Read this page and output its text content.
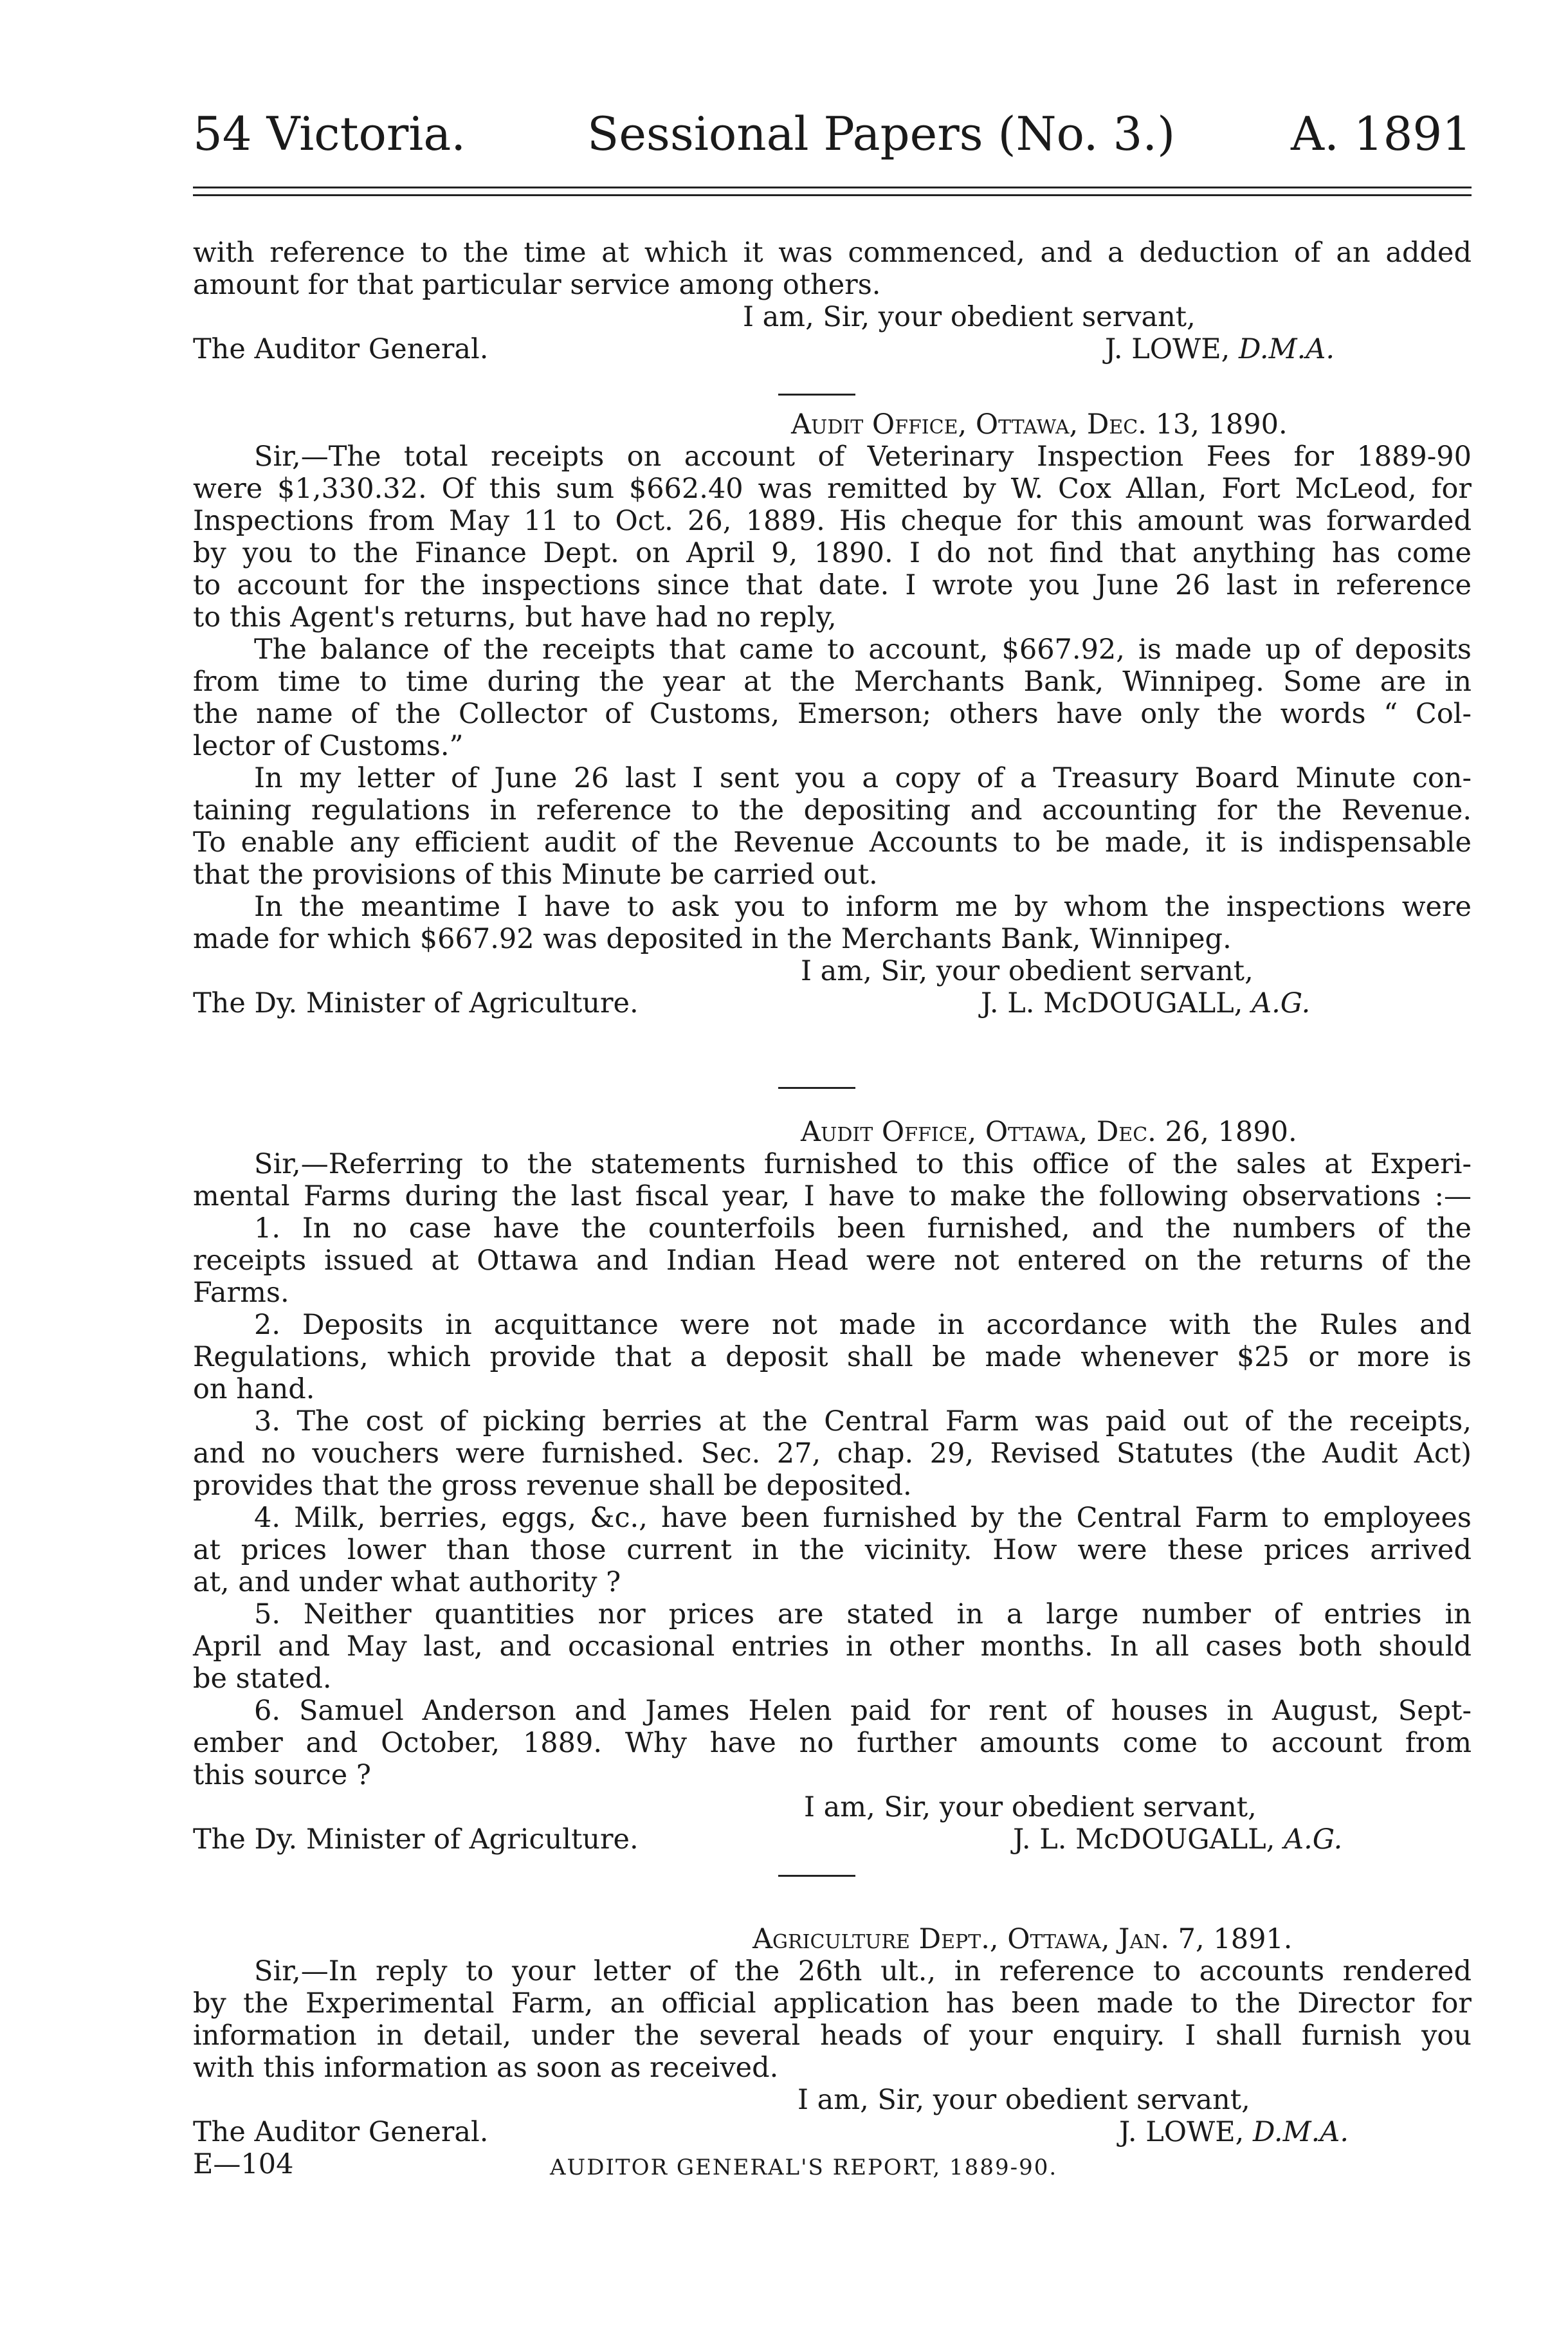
54 Victoria.	Sessional Papers (No. 3.) A. 1891
with reference to the time at which it was commenced, and a deduction of an added
amount for that particular service among others.
I am, Sir, your obedient servant,
The Auditor General.	J. LOWE, D.M.A.
Audit Office, Ottawa, Dec. 13, 1890.
Sir,—The total receipts on account of Veterinary Inspection Fees for 1889-90
were $1,330.32. Of this sum $662.40 was remitted by W. Cox Allan, Fort McLeod, for
Inspections from May 11 to Oct. 26, 1889. His cheque for this amount was forwarded
by you to the Finance Dept. on April 9, 1890. I do not find that anything has come
to account for the inspections since that date. I wrote you June 26 last in reference
to this Agent's returns, but have had no reply,
The balance of the receipts that came to account, $667.92, is made up of deposits
from time to time during the year at the Merchants Bank, Winnipeg. Some are in
the name of the Collector of Customs, Emerson; others have only the words “ Col-
lector of Customs.”
In my letter of June 26 last I sent you a copy of a Treasury Board Minute con-
taining regulations in reference to the depositing and accounting for the Revenue.
To enable any efficient audit of the Revenue Accounts to be made, it is indispensable
that the provisions of this Minute be carried out.
In the meantime I have to ask you to inform me by whom the inspections were
made for which $667.92 was deposited in the Merchants Bank, Winnipeg.
I am, Sir, your obedient servant,
The Dy. Minister of Agriculture.	J. L. McDOUGALL, A.G.
Audit Office, Ottawa, Dec. 26, 1890.
Sir,—Referring to the statements furnished to this office of the sales at Experi-
mental Farms during the last fiscal year, I have to make the following observations :—
1. In no case have the counterfoils been furnished, and the numbers of the
receipts issued at Ottawa and Indian Head were not entered on the returns of the
Farms.
2. Deposits in acquittance were not made in accordance with the Rules and
Regulations, which provide that a deposit shall be made whenever $25 or more is
on hand.
3. The cost of picking berries at the Central Farm was paid out of the receipts,
and no vouchers were furnished. Sec. 27, chap. 29, Revised Statutes (the Audit Act)
provides that the gross revenue shall be deposited.
4. Milk, berries, eggs, &c., have been furnished by the Central Farm to employees
at prices lower than those current in the vicinity. How were these prices arrived
at, and under what authority ?
5. Neither quantities nor prices are stated in a large number of entries in
April and May last, and occasional entries in other months. In all cases both should
be stated.
6. Samuel Anderson and James Helen paid for rent of houses in August, Sept-
ember and October, 1889. Why have no further amounts come to account from
this source ?
I am, Sir, your obedient servant,
The Dy. Minister of Agriculture.	J. L. McDOUGALL, A.G.
Agriculture Dept., Ottawa, Jan. 7, 1891.
Sir,—In reply to your letter of the 26th ult., in reference to accounts rendered
by the Experimental Farm, an official application has been made to the Director for
information in detail, under the several heads of your enquiry. I shall furnish you
with this information as soon as received.
I am, Sir, your obedient servant,
The Auditor General.	J. LOWE, D.M.A.
E—104	AUDITOR GENERAL'S REPORT, 1889-90.
